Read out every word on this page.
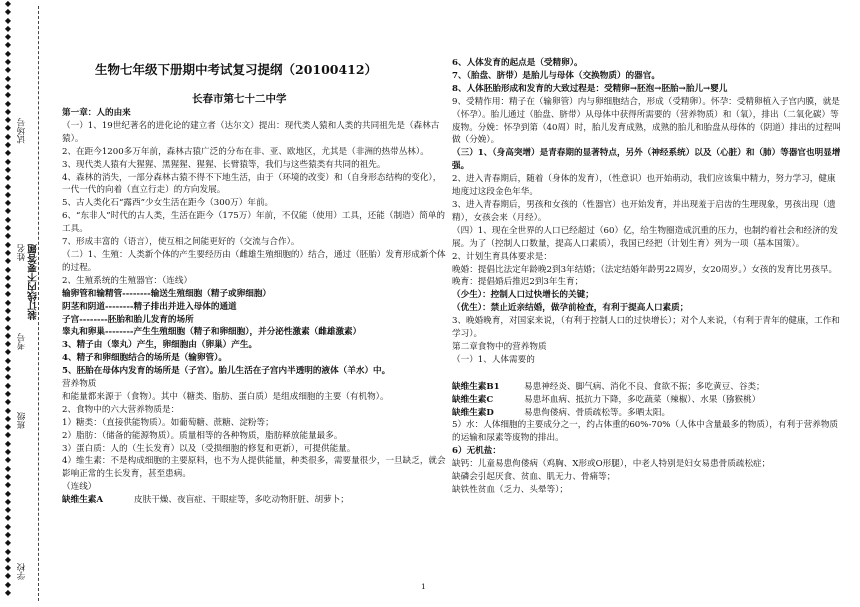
◆
◆
◆
◆
◆
◆
◆
◆
◆
◆
◆
◆
◆
◆
◆
◆
◆
◆
◆
◆
◆
◆
◆
◆
◆
◆
◆
◆
◆
◆
◆
◆
◆
◆
◆
◆
◆
◆
◆
◆
◆
◆
◆
◆
◆
◆
◆
◆
◆
◆
◆
◆
◆
◆
◆
◆
◆
◆
◆
◆
◆
◆
◆
◆
◆
◆
◆
◆
◆
◆
◆
◆
学校
班级
考号
姓名
试场号
装订线内不要答题
生物七年级下册期中考试复习提纲（20100412）
长春市第七十二中学

第一章：人的由来

（一）1、19世纪著名的进化论的建立者（达尔文）提出：现代类人猿和人类的共同祖先是（森林古猿）。

2、在距今1200多万年前，森林古猿广泛的分布在非、亚、欧地区，尤其是（非洲的热带丛林）。

3、现代类人猿有大猩猩、黑猩猩、猩猩、长臂猿等，我们与这些猿类有共同的祖先。

4、森林的消失，一部分森林古猿不得不下地生活，由于（环境的改变）和（自身形态结构的变化），一代一代的向着（直立行走）的方向发展。

5、古人类化石“露西”少女生活在距今（300万）年前。

6、“东非人”时代的古人类，生活在距今（175万）年前，不仅能（使用）工具，还能（制造）简单的工具。

7、形成丰富的（语言），使互相之间能更好的（交流与合作）。

（二）1、生殖：人类新个体的产生要经历由（雌雄生殖细胞的）结合，通过（胚胎）发育形成新个体的过程。

2、生殖系统的生殖器官：（连线）

输卵管和输精管--------输送生殖细胞（精子或卵细胞）

阴茎和阴道--------精子排出并进入母体的通道

子宫--------胚胎和胎儿发育的场所

睾丸和卵巢--------产生生殖细胞（精子和卵细胞），并分泌性激素（雌雄激素）

3、精子由（睾丸）产生，卵细胞由（卵巢）产生。

4、精子和卵细胞结合的场所是（输卵管）。

5、胚胎在母体内发育的场所是（子宫）。胎儿生活在子宫内半透明的液体（羊水）中。

营养物质

和能量都来源于（食物）。其中（糖类、脂肪、蛋白质）是组成细胞的主要（有机物）。

2、食物中的六大营养物质是：

1）糖类：（直接供能物质）。如葡萄糖、蔗糖、淀粉等；

2）脂肪：（储备的能源物质）。质量相等的各种物质，脂肪释放能量最多。

3）蛋白质：人的（生长发育）以及（受损细胞的修复和更新），可提供能量。

4）维生素：不是构成细胞的主要原料，也不为人提供能量，种类很多，需要量很少，一旦缺乏，就会影响正常的生长发育，甚至患病。

（连线）

缺维生素A	皮肤干燥、夜盲症、干眼症等，多吃动物肝脏、胡萝卜；

6、人体发育的起点是（受精卵）。

7、（胎盘、脐带）是胎儿与母体（交换物质）的器官。

8、人体胚胎形成和发育的大致过程是：受精卵→胚泡→胚胎→胎儿→婴儿

9、受精作用：精子在（输卵管）内与卵细胞结合，形成（受精卵）。怀孕：受精卵植入子宫内膜，就是（怀孕）。胎儿通过（胎盘、脐带）从母体中获得所需要的（营养物质）和（氧），排出（二氧化碳）等废物。分娩：怀孕到第（40周）时，胎儿发育成熟，成熟的胎儿和胎盘从母体的（阴道）排出的过程叫做（分娩）。

（三）1、（身高突增）是青春期的显著特点，另外（神经系统）以及（心脏）和（肺）等器官也明显增强。

2、进入青春期后，随着（身体的发育），（性意识）也开始萌动，我们应该集中精力，努力学习，健康地度过这段金色年华。

3、进入青春期后，男孩和女孩的（性器官）也开始发育，并出现羞于启齿的生理现象，男孩出现（遗精），女孩会来（月经）。

（四）1、现在全世界的人口已经超过（60）亿，给生物圈造成沉重的压力，也制约着社会和经济的发展。为了（控制人口数量，提高人口素质），我国已经把（计划生育）列为一项（基本国策）。

2、计划生育具体要求是：

晚婚：提倡比法定年龄晚2到3年结婚；（法定结婚年龄男22周岁，女20周岁。）女孩的发育比男孩早。

晚育：提倡婚后推迟2到3年生育；

（少生）：控制人口过快增长的关键；

（优生）：禁止近亲结婚，做孕前检查，有利于提高人口素质；

3、晚婚晚育，对国家来说，（有利于控制人口的过快增长）；对个人来说，（有利于青年的健康，工作和学习）。

第二章食物中的营养物质

（一）1、人体需要的

缺维生素B1	易患神经炎、脚气病、消化不良、食欲不振；多吃黄豆、谷类；
缺维生素C	易患坏血病、抵抗力下降，多吃蔬菜（辣椒）、水果（猕猴桃）
缺维生素D	易患佝偻病、骨质疏松等。多晒太阳。

5）水：人体细胞的主要成分之一，约占体重的60%-70%（人体中含量最多的物质），有利于营养物质的运输和尿素等废物的排出。

6）无机盐：

缺钙：儿童易患佝偻病（鸡胸、X形或O形腿），中老人特别是妇女易患骨质疏松症；

缺磷会引起厌食、贫血、肌无力、骨痛等；

缺铁性贫血（乏力、头晕等）；

1
